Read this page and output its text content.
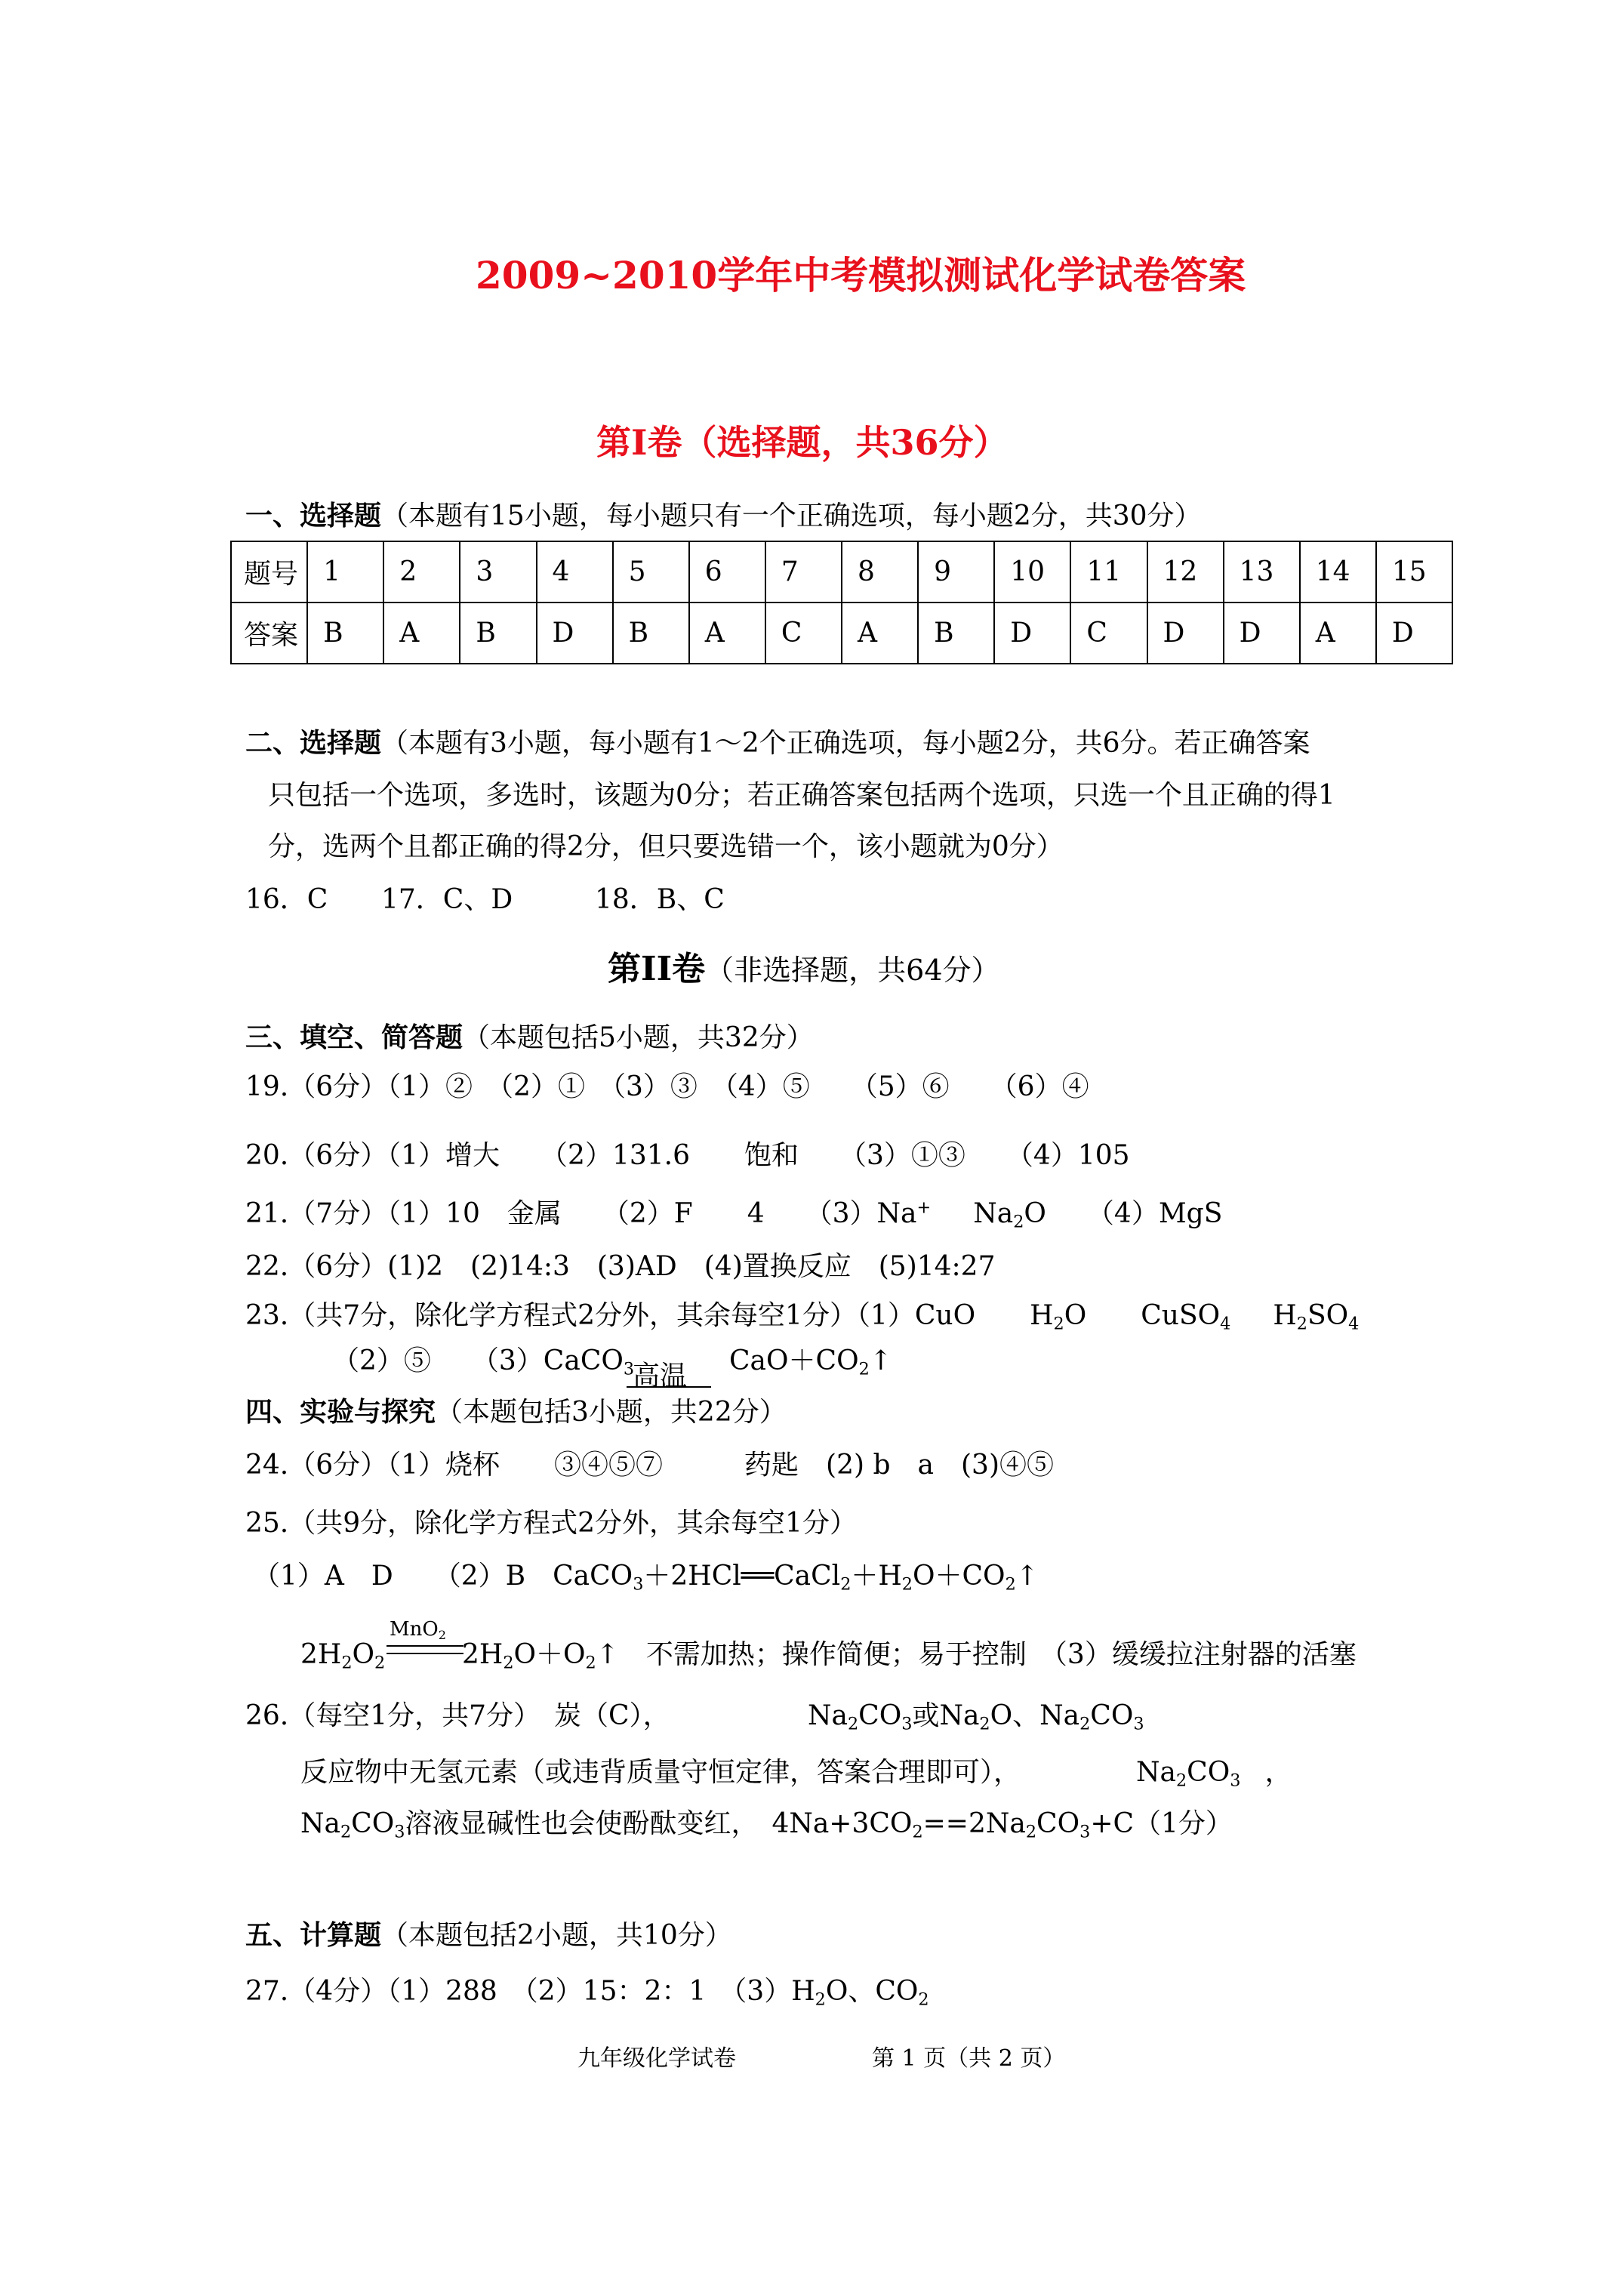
2009~2010学年中考模拟测试化学试卷答案
第Ⅰ卷（选择题，共36分）
一、选择题（本题有15小题，每小题只有一个正确选项，每小题2分，共30分）
题号	1	2	3	4	5	6	7	8	9	10	11	12	13	14	15
答案	B	A	B	D	B	A	C	A	B	D	C	D	D	A	D
二、选择题（本题有3小题，每小题有1～2个正确选项，每小题2分，共6分。若正确答案
只包括一个选项，多选时，该题为0分；若正确答案包括两个选项，只选一个且正确的得1
分，选两个且都正确的得2分，但只要选错一个，该小题就为0分）
16．C 17．C、D	18．B、C
第II卷（非选择题，共64分）
三、填空、简答题（本题包括5小题，共32分）
19.（6分）（1）②　（2）①　（3）③　（4）⑤　　（5）⑥　　（6）④
20.（6分）（1）增大　　（2）131.6　　饱和　　（3）①③　　（4）105
21.（7分）（1）10　金属　　（2）F　　4　　（3）Na+ $Na_2O$　　（4）MgS
22.（6分）(1)2　(2)14:3　(3)AD　(4)置换反应　(5)14:27
23.（共7分，除化学方程式2分外，其余每空1分）（1）CuO　　$H_2O$　　CuSO$_4$ $H_2SO_4$
（2）⑤　　（3）CaCO$_3$
高温 $CaO+CO_2↑$
四、实验与探究（本题包括3小题，共22分）
24.（6分）（1）烧杯　　③④⑤⑦　　　药匙　(2) b　a　(3)④⑤
25.（共9分，除化学方程式2分外，其余每空1分）
（1）A　D　　（2）B　$CaCO_3+2HCl══CaCl_2+H_2O+CO_2↑$
$2H_2O_2$
MnO$_2$
$2H_2O+O_2↑$　不需加热；操作简便；易于控制　（3）缓缓拉注射器的活塞
26.（每空1分，共7分）　炭（C），	$Na_2CO_3$或$Na_2O$、$Na_2CO_3$
反应物中无氢元素（或违背质量守恒定律，答案合理即可），	$Na_2CO_3$ ，
$Na_2CO_3$溶液显碱性也会使酚酞变红，　$4Na+3CO_2==2Na_2CO_3+C(1$分）
五、计算题（本题包括2小题，共10分）
27.（4分）（1）288　（2）15：2：1　$(3)H_2O$、$CO_2$
九年级化学试卷	第 1 页（共 2 页）
